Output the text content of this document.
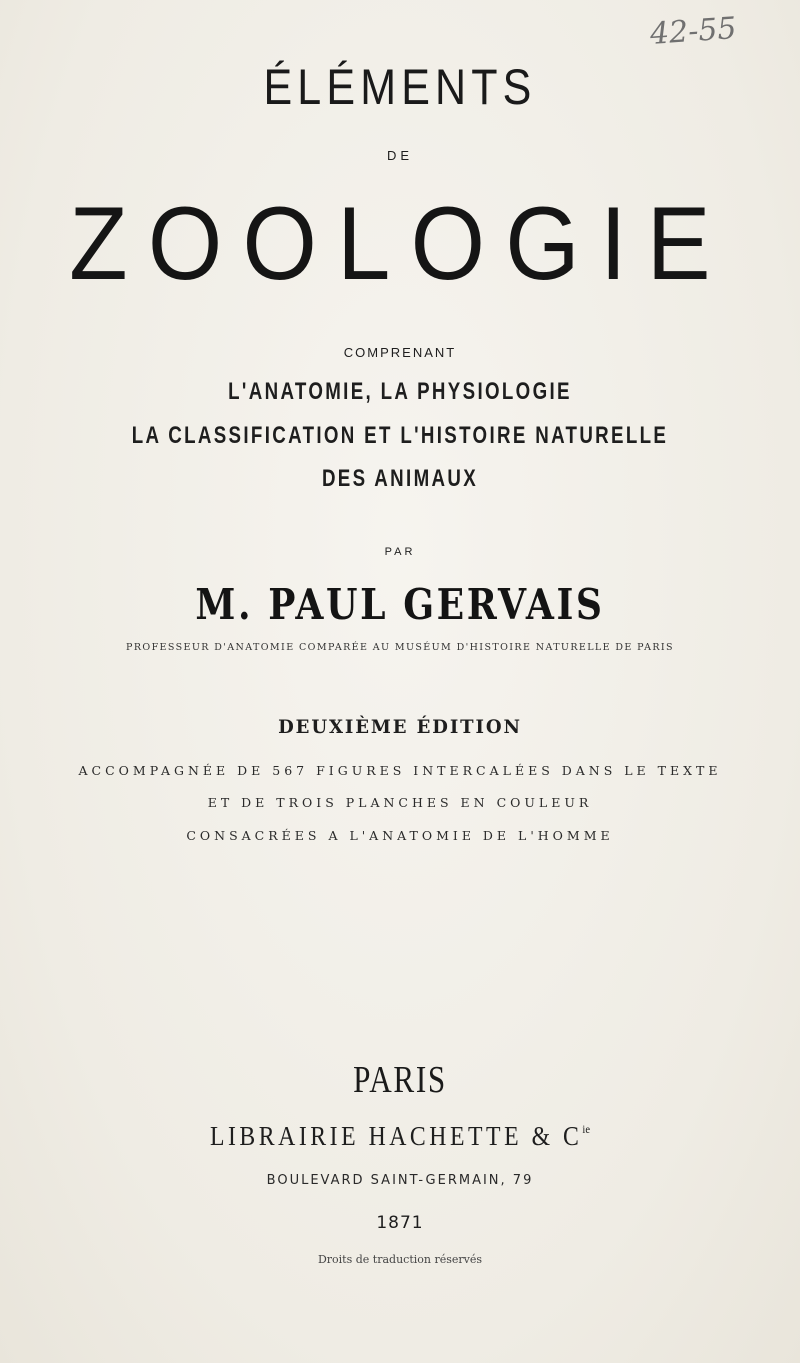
42-55
ÉLÉMENTS
DE
ZOOLOGIE
COMPRENANT
L'ANATOMIE, LA PHYSIOLOGIE
LA CLASSIFICATION ET L'HISTOIRE NATURELLE
DES ANIMAUX
PAR
M. PAUL GERVAIS
PROFESSEUR D'ANATOMIE COMPARÉE AU MUSÉUM D'HISTOIRE NATURELLE DE PARIS
DEUXIÈME ÉDITION
ACCOMPAGNÉE DE 567 FIGURES INTERCALÉES DANS LE TEXTE
ET DE TROIS PLANCHES EN COULEUR
CONSACRÉES A L'ANATOMIE DE L'HOMME
PARIS
LIBRAIRIE HACHETTE & $C^{ie}$
BOULEVARD SAINT-GERMAIN, 79
1871
Droits de traduction réservés
